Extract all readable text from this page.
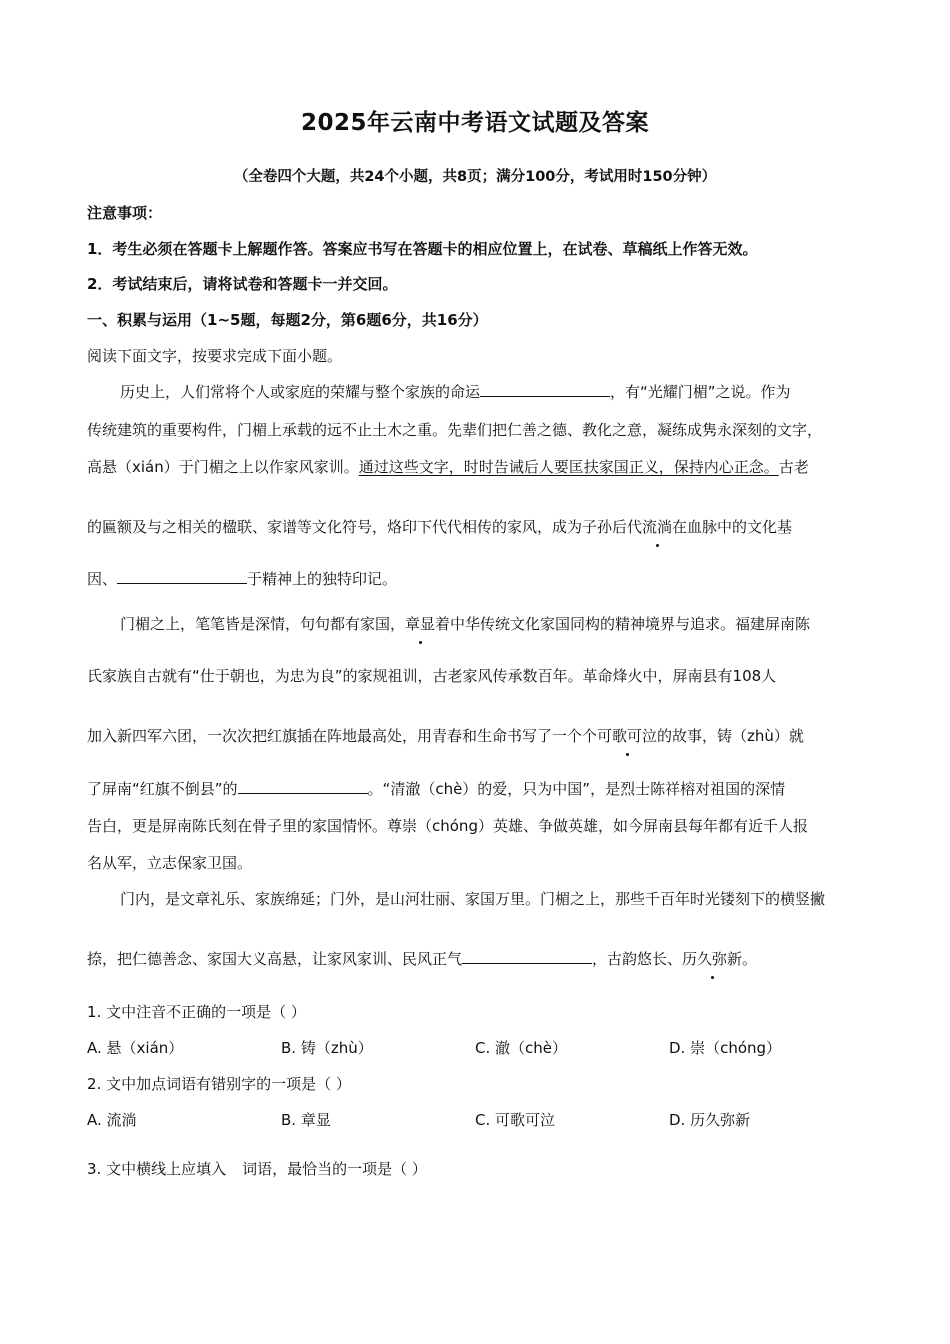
2025年云南中考语文试题及答案
（全卷四个大题，共24个小题，共8页；满分100分，考试用时150分钟）
注意事项：
1．考生必须在答题卡上解题作答。答案应书写在答题卡的相应位置上，在试卷、草稿纸上作答无效。
2．考试结束后，请将试卷和答题卡一并交回。
一、积累与运用（1~5题，每题2分，第6题6分，共16分）
阅读下面文字，按要求完成下面小题。
历史上，人们常将个人或家庭的荣耀与整个家族的命运	，有“光耀门楣”之说。作为
传统建筑的重要构件，门楣上承载的远不止土木之重。先辈们把仁善之德、教化之意，凝练成隽永深刻的文字，
高悬（xián）于门楣之上以作家风家训。通过这些文字，时时告诫后人要匡扶家国正义，保持内心正念。古老
的匾额及与之相关的楹联、家谱等文化符号，烙印下代代相传的家风，成为子孙后代流淌在血脉中的文化基
因、	于精神上的独特印记。
门楣之上，笔笔皆是深情，句句都有家国，章显着中华传统文化家国同构的精神境界与追求。福建屏南陈
氏家族自古就有“仕于朝也，为忠为良”的家规祖训，古老家风传承数百年。革命烽火中，屏南县有108人
加入新四军六团，一次次把红旗插在阵地最高处，用青春和生命书写了一个个可歌可泣的故事，铸（zhù）就
了屏南“红旗不倒县”的	。“清澈（chè）的爱，只为中国”，是烈士陈祥榕对祖国的深情
告白，更是屏南陈氏刻在骨子里的家国情怀。尊崇（chóng）英雄、争做英雄，如今屏南县每年都有近千人报
名从军，立志保家卫国。
门内，是文章礼乐、家族绵延；门外，是山河壮丽、家国万里。门楣之上，那些千百年时光镂刻下的横竖撇
捺，把仁德善念、家国大义高悬，让家风家训、民风正气	，古韵悠长、历久弥新。
1. 文中注音不正确的一项是（ ）
A. 悬（xián）	B. 铸（zhù）	C. 澈（chè）	D. 崇（chóng）
2. 文中加点词语有错别字的一项是（ ）
A. 流淌	B. 章显	C. 可歌可泣	D. 历久弥新
3. 文中横线上应填入 词语，最恰当的一项是（ ）
